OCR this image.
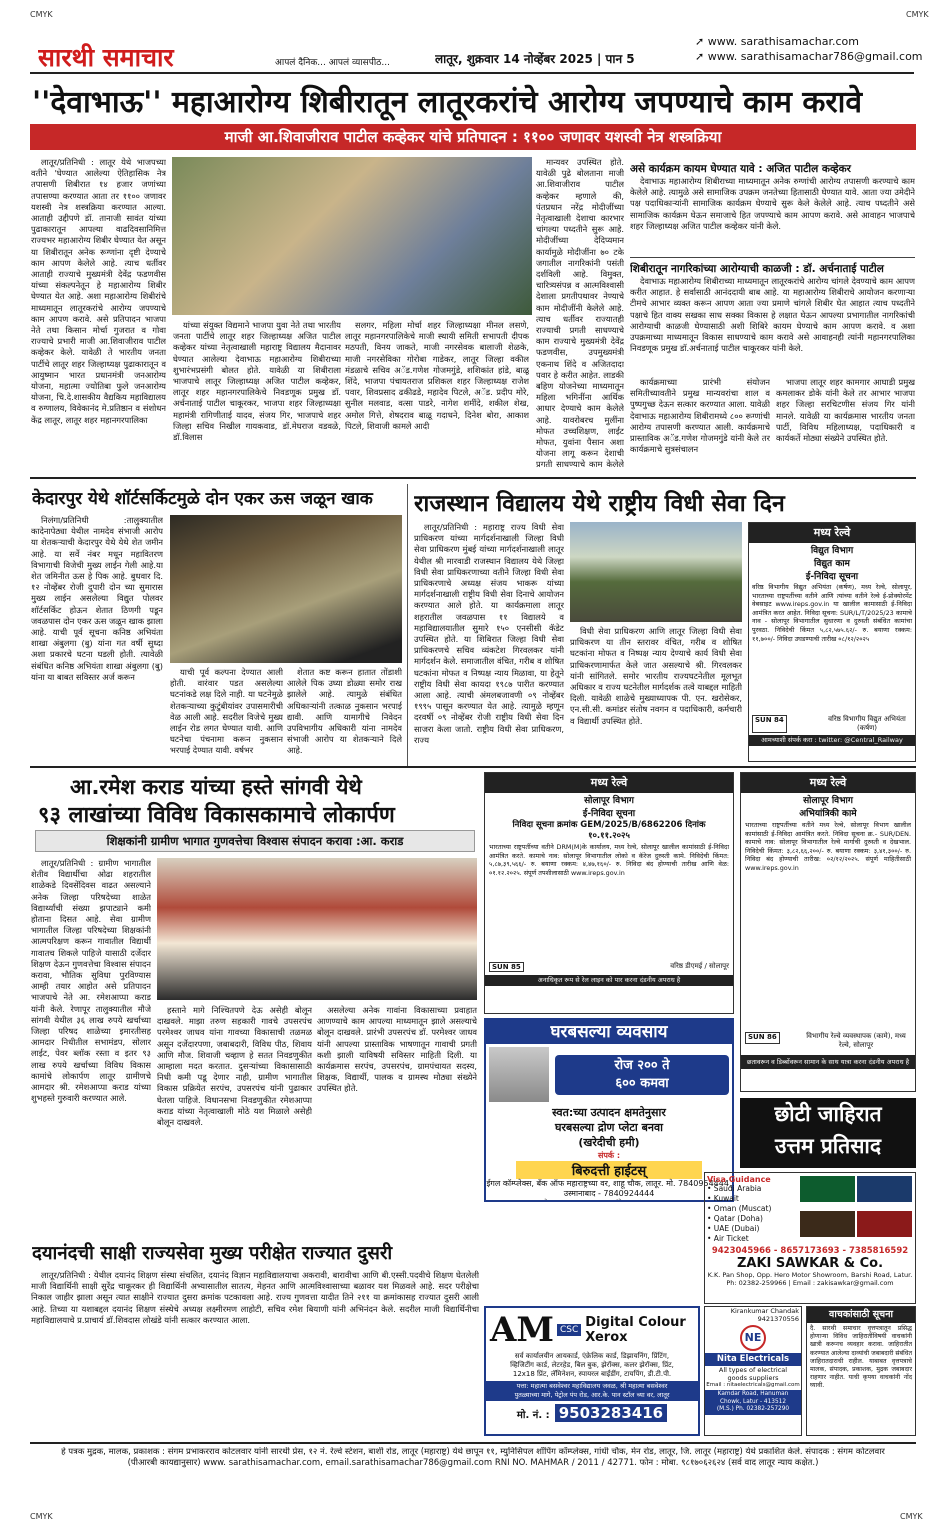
CMYK	CMYK
सारथी समाचार	आपलं दैनिक... आपलं व्यासपीठ...	लातूर, शुक्रवार 14 नोव्हेंबर 2025 | पान 5
➚ www. sarathisamachar.com
➚ www. sarathisamachar786@gmail.com
''देवाभाऊ'' महाआरोग्य शिबीरातून लातूरकरांचे आरोग्य जपण्याचे काम करावे
माजी आ.शिवाजीराव पाटील कव्हेकर यांचे प्रतिपादन : ११०० जणावर यशस्वी नेत्र शस्त्रक्रिया

लातूर/प्रतिनिधी : लातूर येथे भाजपच्या वतीने 'घेण्यात आलेल्या ऐतिहासिक नेत्र तपासणी शिबीरात १४ हजार जणांच्या तपासण्या करण्यात आता तर ११०० जणावर यशस्वी नेत्र शस्त्रक्रिया करण्यात आल्या. आताही उद्दीपणे डॉ. तानाजी सावंत यांच्या पुढाकारातून आपल्या वाढदिवसानिमित्त राज्यभर महाआरोग्य शिबीर घेण्यात येत असून या शिबीरातून अनेक रूग्णांना दृष्टी देण्याचे काम आपण केलेले आहे. त्याच धर्तीवर आताही राज्याचे मुख्यमंत्री देवेंद्र फडणवीस यांच्या संकल्पनेतून हे महाआरोग्य शिबीर घेण्यात येत आहे. अशा महाआरोग्य शिबीरांचे माध्यमातून लातूरकरांचे आरोग्य जपण्याचे काम आपण करावे. असे प्रतिपादन भाजपा नेते तथा किसान मोर्चा गुजरात व गोवा राज्याचे प्रभारी माजी आ.शिवाजीराव पाटील कव्हेकर केले. यावेळी ते भारतीय जनता पार्टीचे लातूर शहर जिल्हाध्यक्ष पुढाकारातून व आयुष्मान भारत प्रधानमंत्री जनआरोग्य योजना, महात्मा ज्योतिबा फुले जनआरोग्य योजना, चि.दे.शासकीय वैद्यकिय महाविद्यालय व रुग्णालय, विवेकानंद मे.प्रतिष्ठान व संशोधन केंद्र लातूर, लातूर शहर महानगरपालिका

यांच्या संयुक्त विद्यमाने भाजपा युवा नेते तथा भारतीय जनता पार्टीचे लातूर शहर जिल्हाध्यक्ष अजित पाटील कव्हेकर यांच्या नेतृत्वाखाली महाराष्ट्र विद्यालय मैदानावर घेण्यात आलेल्या देवाभाऊ महाआरोग्य शिबीराच्या शुभारंभप्रसंगी बोलत होते. यावेळी या शिबीराला भाजपाचे लातूर जिल्हाध्यक्ष अजित पाटील कव्हेकर, लातूर शहर महानगरपालिकेचे निवडणूक प्रमुख डॉ. अर्चनाताई पाटील चाकूरकर, भाजपा शहर जिल्हाध्यक्षा महामंत्री रागिणीताई यादव, संजय गिर, भाजपाचे शहर जिल्हा सचिव निखील गायकवाड, डॉ.मेघराज वडवळे, डॉ.विलास

सलगर, महिला मोर्चा शहर जिल्हाध्यक्षा मीनल लसणे, लातूर महानगरपालिकेचे माजी स्थायी समिती सभापती दीपक मठपती, विनय जाकते, माजी नगरसेवक बालाजी शेळके, माजी नगरसेविका गोरोबा गाडेकर, लातूर जिल्हा वकील मंडळाचे सचिव अॅड.गणेश गोजमगुंडे, शशिकांत हांडे, बाळू शिंदे, भाजपा पंचायतराज प्रशिकल शहर जिल्हाध्यक्ष राजेश पवार, शिवप्रसाद ढकीढडे, महादेव पिटले, अॅड. प्रदीप मोरे, सुनील मलवाड, वत्सा पाडरे, नागेश शमींदे, शकील शेख, अमोल गित्ते, शेषदराव बाळू गदाधने, दिनेश बोरा, आकाश पिटले, शिवाजी कामले आदी

मान्यवर उपस्थित होते. यावेळी पुढे बोलताना माजी आ.शिवाजीराव पाटील कव्हेकर म्हणाले की, पंतप्रधान नरेंद्र मोदीजींच्या नेतृत्वाखाली देशाचा कारभार चांगल्या पध्दतीने सुरू आहे. मोदीजींच्या देदिप्यमान कार्यामुळे मोदीजींना ७० टके जगातील नागरिकांनी पसंती दर्शविली आहे. विमुक्त, चारित्र्यसंपन्न व आत्मविश्वासी देशाला प्रगतीपथावर नेण्याचे काम मोदीजींनी केलेले आहे. त्याच धर्तीवर राज्यातही राज्याची प्रगती साधण्याचे काम राज्याचे मुख्यमंत्री देवेंद्र फडणवीस, उपमुख्यमंत्री एकनाथ शिंदे व अजितदादा पवार हे करीत आहेत. लाडकी बहिण योजनेच्या माध्यमातून महिला भगिनींना आर्थिक आधार देण्याचे काम केलेले आहे. यावरोबरच मुलींना मोफत उच्चशिक्षण, लाईट मोफत, युवांना पैसान अशा योजना लागू करून देशाची प्रगती साधण्याचे काम केलेले

असे कार्यक्रम कायम घेण्यात यावे : अजित पाटील कव्हेकर

देवाभाऊ महाआरोग्य शिबीराच्या माध्यमातून अनेक रुग्णांची आरोग्य तपासणी करण्याचे काम केलेले आहे. त्यामुळे असे सामाजिक उपक्रम जनतेच्या हितासाठी घेण्यात यावे. आता ज्या उमेदीने पक्ष पदाधिकाऱ्यांनी सामाजिक कार्यक्रम घेण्याचे सुरू केले केलेले आहे. त्याच पध्दतीने असे सामाजिक कार्यक्रम घेऊन समाजाचे हित जपण्याचे काम आपण करावे. असे आवाहन भाजपाचे शहर जिल्हाध्यक्ष अजित पाटील कव्हेकर यांनी केले.

शिबीरातून नागरिकांच्या आरोग्याची काळजी : डॉ. अर्चनाताई पाटील

देवाभाऊ महाआरोग्य शिबीराच्या माध्यमातून लातूरकरांचे आरोग्य चांगले देवण्याचे काम आपण करीत आहात. हे सर्वासाठी आनंददायी बाब आहे. या महाआरोग्य शिबीराचे आयोजन करणाऱ्या टीमचे आभार व्यक्त करून आपण आता ज्या प्रमाणे चांगले शिबीर घेत आहात त्याच पध्दतीने पक्षाचे हित वाक्य सखका साध सक्का विकास हे लक्षात घेऊन आपल्या प्रभागातील नागरिकांची आरोग्याची काळजी घेण्यासाठी अशी शिबिरे कायम घेण्याचे काम आपण करावे. व अशा उपक्रमाच्या माध्यमातून विकास साधण्याचे काम करावे असे आवाहनही त्यांनी महानगरपालिका निवडणूक प्रमुख डॉ.अर्चनाताई पाटील चाकूरकर यांनी केले.

कार्यक्रमाच्या प्रारंभी संयोजन समितीच्यावतीने प्रमुख मान्यवरांचा शाल व पुष्पगुच्छ देऊन सत्कार करण्यात आला. यावेळी देवाभाऊ महाआरोग्य शिबीरामध्ये ८०० रूग्णांची आरोग्य तपासणी करण्यात आली. कार्यक्रमाचे प्रास्ताविक अॅड.गणेश गोजमगुंडे यांनी केले तर कार्यक्रमाचे सुत्रसंचालन

भाजपा लातूर शहर कामगार आघाडी प्रमुख कमलाकर डोके यांनी केले तर आभार भाजपा शहर जिल्हा सरचिटणीस संजय गिर यांनी मानले. यावेळी या कार्यक्रमास भारतीय जनता पार्टी, विविध महिलाध्यक्ष, पदाधिकारी व कार्यकर्ते मोठ्या संख्येने उपस्थित होते.

केदारपुर येथे शॉर्टसर्किटमुळे दोन एकर ऊस जळून खाक

निलंगा/प्रतिनिधी :तालुक्यातील कादेनापेठ्या येथील नामदेव संभाजी आरोप या शेतकऱ्याची केदारपुर येथे येथे शेत जमीन आहे. या सर्वे नंबर मधून महावितरण विभागाची विजेची मुख्य लाईन गेली आहे.या शेत जमिनीत ऊस हे पिक आहे. बुधवार दि. १२ नोव्हेंबर रोजी दुपारी दोन च्या सुमारास मुख्य लाईन असलेल्या विद्युत पोलवर शॉर्टसर्किट होऊन शेतात ठिणगी पडून जवळपास दोन एकर ऊस जळून खाक झाला आहे. याची पूर्व सूचना कनिष्ठ अभियंता शाखा अंबुलगा (बु) यांना गत वर्षी सुध्दा अशा प्रकारचे घटना घडली होती. त्यावेळी संबंधित कनिष्ठ अभियंता शाखा अंबुलगा (बु) यांना या बाबत सविस्तर अर्ज करून	याची पूर्व कल्पना देण्यात आली होती. वारंवार पडत असलेल्या घटनांकडे लक्ष दिले नाही. या घटनेमुळे शेतकऱ्याच्या कुटुंबीयांवर उपासमारीची वेळ आली आहे. सदरील विजेचे मुख्य लाईन रोड लगत घेण्यात यावी. आणि घटनेचा पंचनामा करून नुकसान भरपाई देण्यात यावी. वर्षभर

शेतात कष्ट करून हातात तोंडाशी आलेले पिक उघ्या डोळ्या समोर राख झालेले आहे. त्यामुळे संबंधित अधिकाऱ्यांनी तत्काळ नुकसान भरपाई द्यावी. आणि यामागीचे निवेदन उपविभागीय अधिकारी यांना नामदेव संभाजी आरोप या शेतकऱ्याने दिले आहे.

राजस्थान विद्यालय येथे राष्ट्रीय विधी सेवा दिन

लातूर/प्रतिनिधी : महाराष्ट्र राज्य विधी सेवा प्राधिकरण यांच्या मार्गदर्शनाखाली जिल्हा विधी सेवा प्राधिकरण मुंबई यांच्या मार्गदर्शनाखाली लातूर येथील श्री मारवाडी राजस्थान विद्यालय येथे जिल्हा विधी सेवा प्राधिकरणाच्या वतीने जिल्हा विधी सेवा प्राधिकरणाचे अध्यक्ष संजय भाकरू यांच्या मार्गदर्शनाखाली राष्ट्रीय विधी सेवा दिनाचे आयोजन करण्यात आले होते. या कार्यक्रमाला लातूर शहरातील जवळपास ११ विद्यालये व महाविद्यालयातील सुमारे १५० एनसीसी कॅडेट उपस्थित होते. या शिबिरात जिल्हा विधी सेवा प्राधिकरणचे सचिव व्यंकटेश गिरवलकर यांनी मार्गदर्शन केले. समाजातील वंचित, गरीब व शोषित घटकांना मोफत व निष्पक्ष न्याय मिळावा, या हेतूने राष्ट्रीय विधी सेवा कायदा १९८७ पारीत करण्यात आला आहे. त्याची अंमलबजावणी ०९ नोव्हेंबर १९९५ पासून करण्यात येत आहे. त्यामुळे म्हणून दरवर्षी ०९ नोव्हेंबर रोजी राष्ट्रीय विधी सेवा दिन साजरा केला जातो. राष्ट्रीय विधी सेवा प्राधिकरण, राज्य

विधी सेवा प्राधिकरण आणि लातूर जिल्हा विधी सेवा प्राधिकरण या तीन स्तरावर वंचित, गरीब व शोषित घटकांना मोफत व निष्पक्ष न्याय देण्याचे कार्य विधी सेवा प्राधिकरणामार्फत केले जात असल्याचे श्री. गिरवलकर यांनी सांगितले. समोर भारतीय राज्यघटनेतील मूलभूत अधिकार व राज्य घटनेतील मार्गदर्शक तत्वे याबद्दल माहिती दिली. यावेळी शाळेचे मुख्याध्यापक पी. एन. खरोसेकर, एन.सी.सी. कमांडर संतोष नवगन व पदाधिकारी, कर्मचारी व विद्यार्थी उपस्थित होते.

मध्य रेल्वे
विद्युत विभाग
विद्युत काम
ई-निविदा सूचना
वरिष्ठ विभागीय विद्युत अभियंता (कर्षण), मध्य रेल्वे, सोलापूर, भारताच्या राष्ट्रपतींच्या वतीने आणि त्यांच्या वतीने रेल्वे ई-प्रोक्योरमेंट वेबसाइट www.ireps.gov.in या खालील कामासाठी ई-निविदा आमंत्रित करत आहेत. निविदा सूचना: SUR/L/T/2025/23 कामाचे नाव - सोलापूर विभागातील सुधारणा व दुरुस्ती संबंधित कामांचा पुरवठा. निविदेची किंमत ५,८२,५७५.६२/- रु. बयाणा रक्कम: ११,७००/- निविदा उघडण्याची तारीख ०८/१२/२०२५
SUN 84	वरिष्ठ विभागीय विद्युत अभियंता (कर्षण)
आमच्याशी संपर्क करा : twitter: @Central_Railway
आ.रमेश कराड यांच्या हस्ते सांगवी येथे
९३ लाखांच्या विविध विकासकामाचे लोकार्पण
शिक्षकांनी ग्रामीण भागात गुणवत्तेचा विश्वास संपादन करावा :आ. कराड

लातूर/प्रतिनिधी : ग्रामीण भागातील शेतीव विद्यार्थीचा ओढा शहरातील शाळेकडे दिवसेंदिवस वाढत असल्याने अनेक जिल्हा परिषदेच्या शाळेत विद्यार्थ्यांची संख्या झपाट्याने कमी होताना दिसत आहे. सेवा ग्रामीण भागातील जिल्हा परिषदेच्या शिक्षकांनी आत्मपरिक्षण करून गावातील विद्यार्थी गावातच शिकले पाहिजे यासाठी दर्जेदार शिक्षण देऊन गुणवत्तेचा विश्वास संपादन करावा, भौतिक सुविधा पुरविण्यास आम्ही तयार आहोत असे प्रतिपादन भाजपाचे नेते आ. रमेशआप्पा कराड यांनी केले. रेणापूर तालुक्यातील मौजे सांगवी येथील ३६ लाख रुपये खर्चाच्या जिल्हा परिषद शाळेच्या इमारतीसह आमदार निधीतील सभामंडप, सोलार लाईट, पेवर ब्लॉक रस्ता व इतर ९३ लाख रुपये खर्चाच्या विविध विकास कामांचे लोकार्पण लातूर ग्रामीणचे आमदार श्री. रमेशआप्पा कराड यांच्या शुभहस्ते गुरुवारी करण्यात आले.

हस्ताने मागे निश्चितपणे देऊ असेही बोलून दाखवले. माझा तरुण सहकारी गावचे उपसरपंच परमेश्वर जाधव यांना गावच्या विकासाची तळमळ असून दर्जेदारपणा, जबाबदारी, विविध पीठ, शिवाय आणि मौज. शिवाजी चव्हाण हे सतत निवडणुकीत आम्हाला मदत करतात. दुसऱ्यांच्या विकासासाठी निधी कमी पडू देणार नाही, ग्रामीण भागातील विकास प्रक्रियेत सरपंच, उपसरपंच यांनी पुढाकार घेतला पाहिजे. विधानसभा निवडणुकीत रमेशआप्पा कराड यांच्या नेतृत्वाखाली मोठे यश मिळाले असेही बोलून दाखवले.

असलेल्या अनेक गावांना विकासाच्या प्रवाहात आणण्याचे काम आपल्या माध्यमातून झाले असल्याचे बोलून दाखवले. प्रारंभी उपसरपंच डॉ. परमेश्वर जाधव यांनी आपल्या प्रास्ताविक भाषणातून गावाची प्रगती कशी झाली याविषयी सविस्तर माहिती दिली. या कार्यक्रमास सरपंच, उपसरपंच, ग्रामपंचायत सदस्य, शिक्षक, विद्यार्थी, पालक व ग्रामस्थ मोठ्या संख्येने उपस्थित होते.

मध्य रेल्वे
सोलापूर विभाग
ई-निविदा सूचना
निविदा सूचना क्रमांक GEM/2025/B/6862206 दिनांक १०.११.२०२५
भारताच्या राष्ट्रपतींच्या वतीने DRM(M)के कार्यालय, मध्य रेल्वे, सोलापूर खालील कामांसाठी ई-निविदा आमंत्रित करते. कामाचे नाव: सोलापूर विभागातील लोको व कॅरेज दुरुस्ती कामे. निविदेची किंमत: ५,८७,३९,५६६/- रु. बयाणा रक्कम: ४,४७,१६०/- रु. निविदा बंद होण्याची तारीख आणि वेळ: ०१.१२.२०२५. संपूर्ण तपशीलासाठी www.ireps.gov.in
SUN 85	वरिष्ठ डीएमई / सोलापूर
अनाधिकृत रूप से रेल लाइन को पार करना दंडनीय अपराध है
मध्य रेल्वे
सोलापूर विभाग
अभियांत्रिकी कामे
भारताच्या राष्ट्रपतींच्या वतीने मध्य रेल्वे, सोलापूर विभाग खालील कामांसाठी ई-निविदा आमंत्रित करते. निविदा सूचना क्र.- SUR/DEN. कामाचे नाव: सोलापूर विभागातील रेल्वे मार्गाची दुरुस्ती व देखभाल. निविदेची किंमत: ३,८२,६६,२००/- रु. बयाणा रक्कम: ३,४१,३००/- रु. निविदा बंद होण्याची तारीख: ०२/१२/२०२५. संपूर्ण माहितीसाठी www.ireps.gov.in
SUN 86	विभागीय रेल्वे व्यवस्थापक (कामे), मध्य रेल्वे, सोलापूर
छतावरून व डिब्बोंवरून सामान के साथ यात्रा करना दंडनीय अपराध है
घरबसल्या व्यवसाय
रोज २०० ते
६०० कमवा
स्वत:च्या उत्पादन क्षमतेनुसार
घरबसल्या द्रोण प्लेटा बनवा
(खरेदीची हमी)
संपर्क :
बिरुदत्ती हाईटस्
ईगल कॉम्प्लेक्स, बँक ऑफ महाराष्ट्रच्या वर, शाहू चौक, लातूर. मो. 7840954444,
उस्मानाबाद - 7840924444
छोटी जाहिरात
उत्तम प्रतिसाद
Visa Guidance
• Saudi Arabia
• Kuwait
• Oman (Muscat)
• Qatar (Doha)
• UAE (Dubai)
• Air Ticket
9423045966 - 8657173693 - 7385816592
ZAKI SAWKAR & Co.
K.K. Pan Shop, Opp. Hero Motor Showroom, Barshi Road, Latur.
Ph: 02382-259966 | Email : zakisawkar@gmail.com
AM CSC Digital Colour Xerox
सर्व कार्यालयीन आयकार्ड, एंक्रेलिक कार्ड, डिझायनिंग, प्रिंटिंग,
व्हिजिटींग कार्ड, लेटरहेड, बिल बुक, झेरॉक्स, कलर झेरॉक्स, प्रिंट,
12x18 प्रिंट, लॅमिनेशन, स्पायरल बाईंडींग, टायपिंग, डी.टी.पी.
पत्ता: महात्मा बसवेश्वर महाविद्यालय जवळ, श्री महात्मा बसवेश्वर
पुतळ्याच्या मागे, पेट्रोल पंप रोड, आर.के. पान स्टॉल च्या वर, लातूर
मो. नं. : 9503283416
Kirankumar Chandak
9421370556
NE
Nita Electricals
All types of electrical
goods suppliers
Email : nitaelectricals@gmail.com
Kamdar Road, Hanuman
Chowk, Latur - 413512
(M.S.) Ph. 02382-257290
वाचकांसाठी सूचना
दै. सारथी समाचार वृत्तपत्रातून प्रसिद्ध होणाऱ्या विविध जाहिरातींविषयी वाचकांनी खात्री करूनच व्यवहार करावा. जाहिरातीत करण्यात आलेल्या दाव्यांची जबाबदारी संबंधित जाहिरातदाराची राहील. याबाबत वृत्तपत्राचे मालक, संपादक, प्रकाशक, मुद्रक जबाबदार राहणार नाहीत. याची कृपया वाचकांनी नोंद घ्यावी.
दयानंदची साक्षी राज्यसेवा मुख्य परीक्षेत राज्यात दुसरी

लातूर/प्रतिनिधी : येथील दयानंद शिक्षण संस्था संचलित, दयानंद विज्ञान महाविद्यालयाचा अकरावी, बारावीचा आणि बी.एस्सी.पदवीचे शिक्षण घेतलेली माजी विद्यार्थिनी साक्षी सुरेंद्र चाकूरकर ही विद्यार्थिनी अभ्यासातील सातत्य, मेहनत आणि आत्मविश्वासाच्या बळावर यश मिळवले आहे. सदर परीक्षेचा निकाल जाहीर झाला असून त्यात साक्षीने राज्यात दुसरा क्रमांक पटकावला आहे. राज्य गुणवत्ता यादीत तिने २११ या क्रमांकासह राज्यात दुसरी आली आहे. तिच्या या यशाबद्दल दयानंद शिक्षण संस्थेचे अध्यक्ष लक्ष्मीरमण लाहोटी, सचिव रमेश बियाणी यांनी अभिनंदन केले. सदरील माजी विद्यार्थिनीचा महाविद्यालयाचे प्र.प्राचार्य डॉ.शिवदास लोखंडे यांनी सत्कार करण्यात आला.

हे पत्रक मुद्रक, मालक, प्रकाशक : संगम प्रभाकरराव कोटलवार यांनी सारथी प्रेस, १२ नं. रेल्वे स्टेशन, बार्शी रोड, लातूर (महाराष्ट्र) येथे छापून ११, म्युनिसिपल शॉपिंग कॉम्प्लेक्स, गांधी चौक, मेन रोड, लातूर, जि. लातूर (महाराष्ट्र) येथे प्रकाशित केले. संपादक : संगम कोटलवार
(पीआरबी कायद्यानुसार) www. sarathisamachar.com, email.sarathisamachar786@gmail.com RNI NO. MAHMAR / 2011 / 42771. फोन : मोबा. ९८१७०६२६२४ (सर्व वाद लातूर न्याय कक्षेत.)
CMYK	CMYK
